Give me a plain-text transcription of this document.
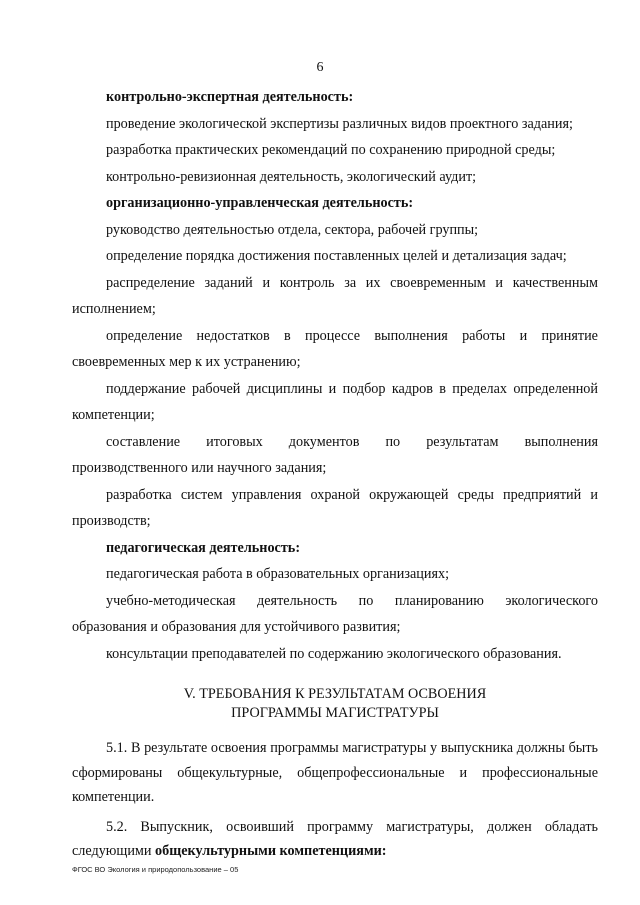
6
контрольно-экспертная деятельность:
проведение экологической экспертизы различных видов проектного задания;
разработка практических рекомендаций по сохранению природной среды;
контрольно-ревизионная деятельность, экологический аудит;
организационно-управленческая деятельность:
руководство деятельностью отдела, сектора, рабочей группы;
определение порядка достижения поставленных целей и детализация задач;
распределение заданий и контроль за их своевременным и качественным исполнением;
определение недостатков в процессе выполнения работы и принятие своевременных мер к их устранению;
поддержание рабочей дисциплины и подбор кадров в пределах определенной компетенции;
составление итоговых документов по результатам выполнения производственного или научного задания;
разработка систем управления охраной окружающей среды предприятий и производств;
педагогическая деятельность:
педагогическая работа в образовательных организациях;
учебно-методическая деятельность по планированию экологического образования и образования для устойчивого развития;
консультации преподавателей по содержанию экологического образования.
V. ТРЕБОВАНИЯ К РЕЗУЛЬТАТАМ ОСВОЕНИЯ
ПРОГРАММЫ МАГИСТРАТУРЫ
5.1. В результате освоения программы магистратуры у выпускника должны быть сформированы общекультурные, общепрофессиональные и профессиональные компетенции.
5.2. Выпускник, освоивший программу магистратуры, должен обладать следующими общекультурными компетенциями:
ФГОС ВО Экология и природопользование – 05
